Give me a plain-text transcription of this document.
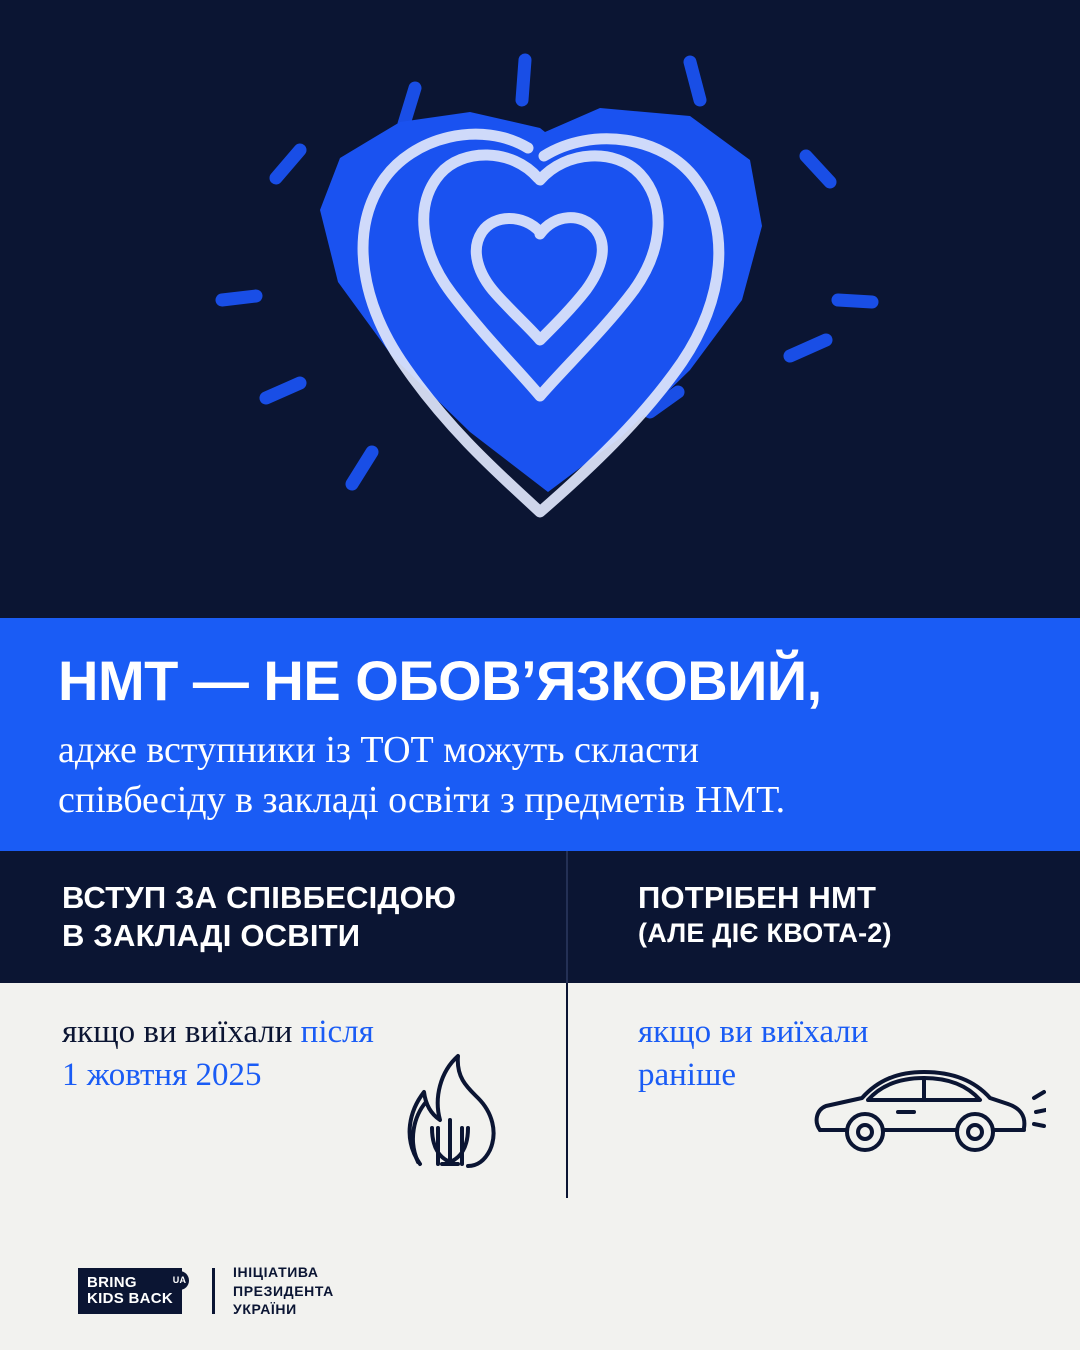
НМТ — НЕ ОБОВ’ЯЗКОВИЙ,

адже вступники із ТОТ можуть скласти
співбесіду в закладі освіти з предметів НМТ.

ВСТУП ЗА СПІВБЕСІДОЮ
В ЗАКЛАДІ ОСВІТИ
ПОТРІБЕН НМТ
(АЛЕ ДІЄ КВОТА-2)
якщо ви виїхали після
1 жовтня 2025
якщо ви виїхали
раніше
BRING
KIDS BACK
UA
ІНІЦІАТИВА
ПРЕЗИДЕНТА
УКРАЇНИ
